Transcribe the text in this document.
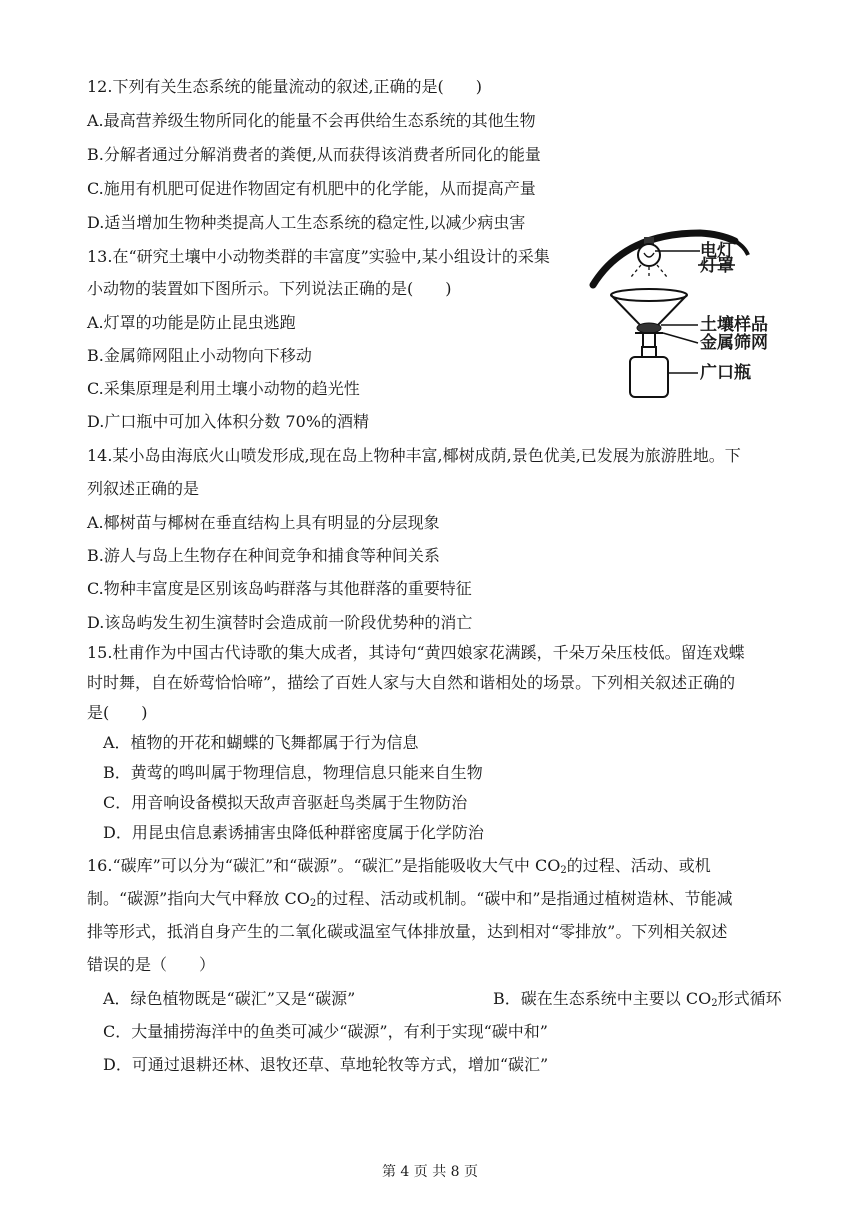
12.下列有关生态系统的能量流动的叙述,正确的是(　　)
A.最高营养级生物所同化的能量不会再供给生态系统的其他生物
B.分解者通过分解消费者的粪便,从而获得该消费者所同化的能量
C.施用有机肥可促进作物固定有机肥中的化学能，从而提高产量
D.适当增加生物种类提高人工生态系统的稳定性,以减少病虫害
13.在“研究土壤中小动物类群的丰富度”实验中,某小组设计的采集
小动物的装置如下图所示。下列说法正确的是(　　)
A.灯罩的功能是防止昆虫逃跑
B.金属筛网阻止小动物向下移动
C.采集原理是利用土壤小动物的趋光性
D.广口瓶中可加入体积分数 70%的酒精
电灯
灯罩
土壤样品
金属筛网
广口瓶
14.某小岛由海底火山喷发形成,现在岛上物种丰富,椰树成荫,景色优美,已发展为旅游胜地。下
列叙述正确的是
A.椰树苗与椰树在垂直结构上具有明显的分层现象
B.游人与岛上生物存在种间竞争和捕食等种间关系
C.物种丰富度是区别该岛屿群落与其他群落的重要特征
D.该岛屿发生初生演替时会造成前一阶段优势种的消亡
15.杜甫作为中国古代诗歌的集大成者，其诗句“黄四娘家花满蹊，千朵万朵压枝低。留连戏蝶
时时舞，自在娇莺恰恰啼”，描绘了百姓人家与大自然和谐相处的场景。下列相关叙述正确的
是(　　)
A．植物的开花和蝴蝶的飞舞都属于行为信息
B．黄莺的鸣叫属于物理信息，物理信息只能来自生物
C．用音响设备模拟天敌声音驱赶鸟类属于生物防治
D．用昆虫信息素诱捕害虫降低种群密度属于化学防治
16.“碳库”可以分为“碳汇”和“碳源”。“碳汇”是指能吸收大气中 $CO_2$的过程、活动、或机
制。“碳源”指向大气中释放 $CO_2$的过程、活动或机制。“碳中和”是指通过植树造林、节能减
排等形式，抵消自身产生的二氧化碳或温室气体排放量，达到相对“零排放”。下列相关叙述
错误的是（　　）
A．绿色植物既是“碳汇”又是“碳源”	B．碳在生态系统中主要以 $CO_2$形式循环
C．大量捕捞海洋中的鱼类可减少“碳源”，有利于实现“碳中和”
D．可通过退耕还林、退牧还草、草地轮牧等方式，增加“碳汇”
第 4 页 共 8 页
